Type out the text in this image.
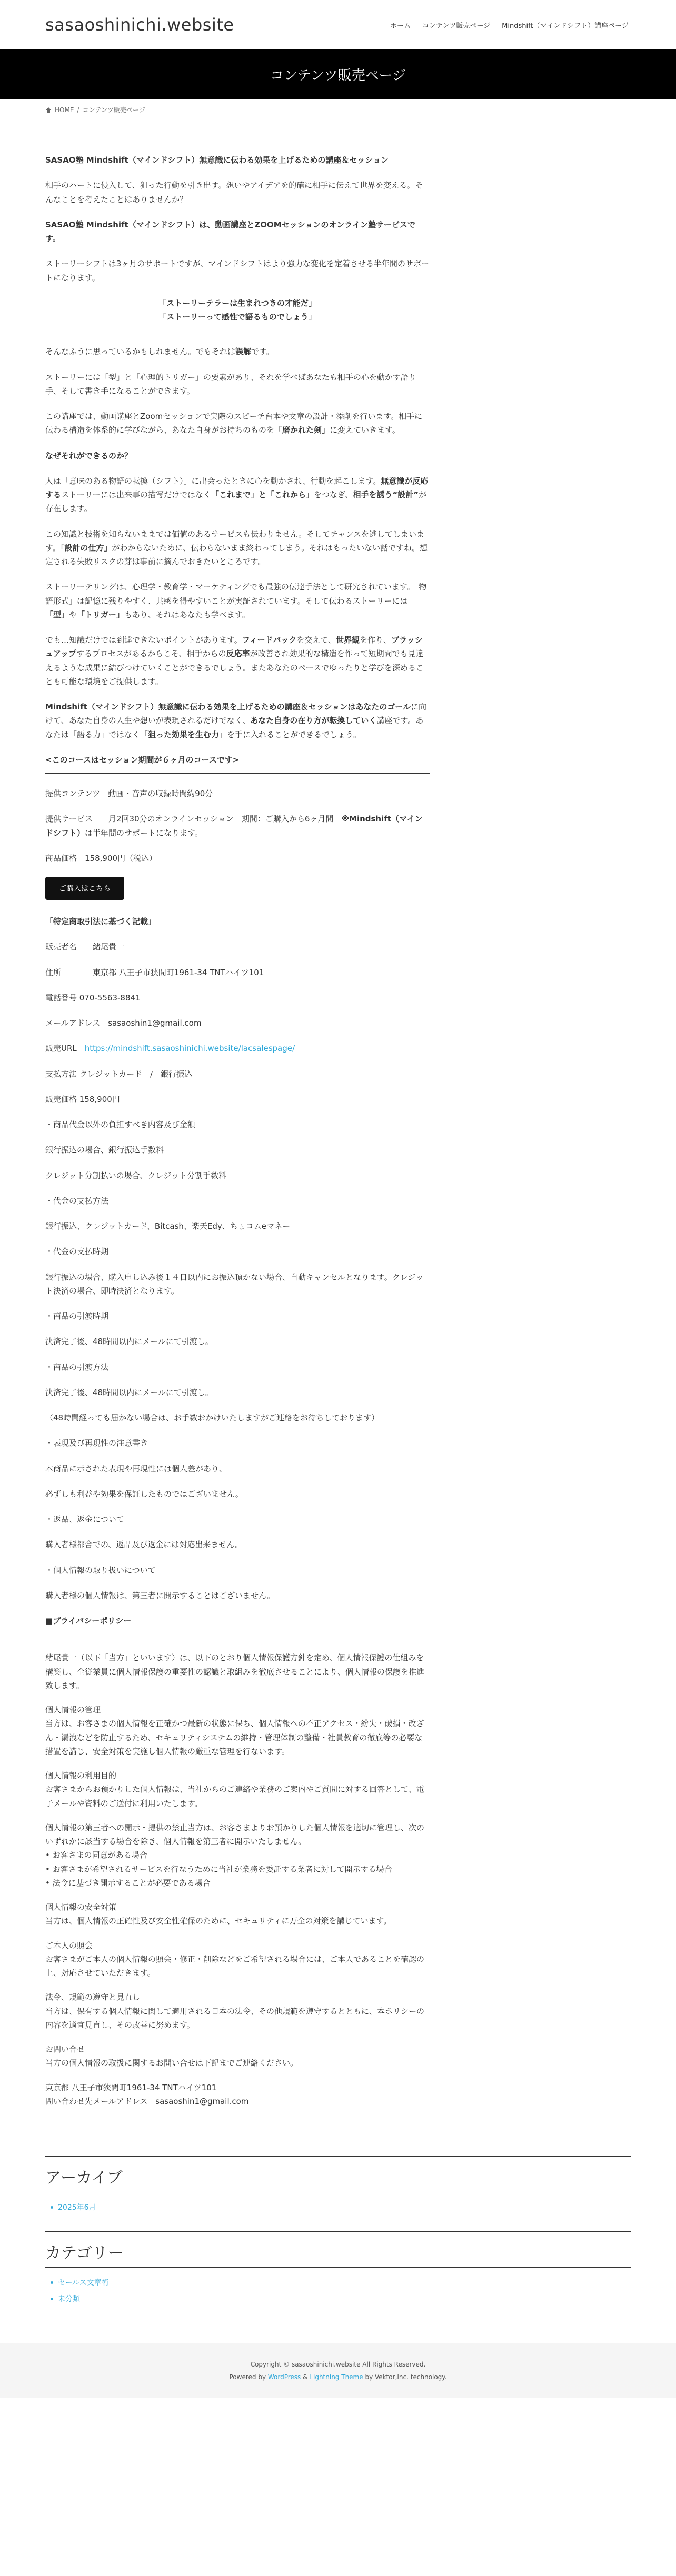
sasaoshinichi.website	ホーム	コンテンツ販売ページ	Mindshift（マインドシフト）講座ページ
コンテンツ販売ページ
HOME / コンテンツ販売ページ

SASAO塾 Mindshift（マインドシフト）無意識に伝わる効果を上げるための講座＆セッション

相手のハートに侵入して、狙った行動を引き出す。想いやアイデアを的確に相手に伝えて世界を変える。そんなことを考えたことはありませんか？

SASAO塾 Mindshift（マインドシフト）は、動画講座とZOOMセッションのオンライン塾サービスです。

ストーリーシフトは3ヶ月のサポートですが、マインドシフトはより強力な変化を定着させる半年間のサポートになります。

「ストーリーテラーは生まれつきの才能だ」
「ストーリーって感性で語るものでしょう」

そんなふうに思っているかもしれません。でもそれは誤解です。

ストーリーには「型」と「心理的トリガー」の要素があり、それを学べばあなたも相手の心を動かす語り手、そして書き手になることができます。

この講座では、動画講座とZoomセッションで実際のスピーチ台本や文章の設計・添削を行います。相手に伝わる構造を体系的に学びながら、あなた自身がお持ちのものを「磨かれた剣」に変えていきます。

なぜそれができるのか？

人は「意味のある物語の転換（シフト）」に出会ったときに心を動かされ、行動を起こします。無意識が反応するストーリーには出来事の描写だけではなく「これまで」と「これから」をつなぎ、相手を誘う“設計”が存在します。

この知識と技術を知らないままでは価値のあるサービスも伝わりません。そしてチャンスを逃してしまいます。「設計の仕方」がわからないために、伝わらないまま終わってしまう。それはもったいない話ですね。想定される失敗リスクの芽は事前に摘んでおきたいところです。

ストーリーテリングは、心理学・教育学・マーケティングでも最強の伝達手法として研究されています。「物語形式」は記憶に残りやすく、共感を得やすいことが実証されています。そして伝わるストーリーには「型」や「トリガー」もあり、それはあなたも学べます。

でも…知識だけでは到達できないポイントがあります。フィードバックを交えて、世界観を作り、ブラッシュアップするプロセスがあるからこそ、相手からの反応率が改善され効果的な構造を作って短期間でも見違えるような成果に結びつけていくことができるでしょう。またあなたのペースでゆったりと学びを深めることも可能な環境をご提供します。

Mindshift（マインドシフト）無意識に伝わる効果を上げるための講座＆セッションはあなたのゴールに向けて、あなた自身の人生や想いが表現されるだけでなく、あなた自身の在り方が転換していく講座です。あなたは「語る力」ではなく「狙った効果を生む力」を手に入れることができるでしょう。

<このコースはセッション期間が６ヶ月のコースです>

提供コンテンツ　動画・音声の収録時間約90分

提供サービス　　月2回30分のオンラインセッション　期間：ご購入から6ヶ月間　※Mindshift（マインドシフト）は半年間のサポートになります。

商品価格　158,900円（税込）

ご購入はこちら

「特定商取引法に基づく記載」

販売者名　　緒尾貴一

住所　　　　東京都 八王子市狭間町1961-34 TNTハイツ101

電話番号 070-5563-8841

メールアドレス　sasaoshin1@gmail.com

販売URL　https://mindshift.sasaoshinichi.website/lacsalespage/

支払方法 クレジットカード　/　銀行振込

販売価格 158,900円

・商品代金以外の負担すべき内容及び金額

銀行振込の場合、銀行振込手数料

クレジット分割払いの場合、クレジット分割手数料

・代金の支払方法

銀行振込、クレジットカード、Bitcash、楽天Edy、ちょコムeマネー

・代金の支払時期

銀行振込の場合、購入申し込み後１４日以内にお振込頂かない場合、自動キャンセルとなります。クレジット決済の場合、即時決済となります。

・商品の引渡時期

決済完了後、48時間以内にメールにて引渡し。

・商品の引渡方法

決済完了後、48時間以内にメールにて引渡し。

（48時間経っても届かない場合は、お手数おかけいたしますがご連絡をお待ちしております）

・表現及び再現性の注意書き

本商品に示された表現や再現性には個人差があり、

必ずしも利益や効果を保証したものではございません。

・返品、返金について

購入者様都合での、返品及び返金には対応出来ません。

・個人情報の取り扱いについて

購入者様の個人情報は、第三者に開示することはございません。

■プライバシーポリシー

緒尾貴一（以下「当方」といいます）は、以下のとおり個人情報保護方針を定め、個人情報保護の仕組みを構築し、全従業員に個人情報保護の重要性の認識と取組みを徹底させることにより、個人情報の保護を推進致します。
個人情報の管理
当方は、お客さまの個人情報を正確かつ最新の状態に保ち、個人情報への不正アクセス・紛失・破損・改ざん・漏洩などを防止するため、セキュリティシステムの維持・管理体制の整備・社員教育の徹底等の必要な措置を講じ、安全対策を実施し個人情報の厳重な管理を行ないます。
個人情報の利用目的
お客さまからお預かりした個人情報は、当社からのご連絡や業務のご案内やご質問に対する回答として、電子メールや資料のご送付に利用いたします。
個人情報の第三者への開示・提供の禁止当方は、お客さまよりお預かりした個人情報を適切に管理し、次のいずれかに該当する場合を除き、個人情報を第三者に開示いたしません。
• お客さまの同意がある場合
• お客さまが希望されるサービスを行なうために当社が業務を委託する業者に対して開示する場合
• 法令に基づき開示することが必要である場合
個人情報の安全対策
当方は、個人情報の正確性及び安全性確保のために、セキュリティに万全の対策を講じています。
ご本人の照会
お客さまがご本人の個人情報の照会・修正・削除などをご希望される場合には、ご本人であることを確認の上、対応させていただきます。
法令、規範の遵守と見直し
当方は、保有する個人情報に関して適用される日本の法令、その他規範を遵守するとともに、本ポリシーの内容を適宜見直し、その改善に努めます。
お問い合せ
当方の個人情報の取扱に関するお問い合せは下記までご連絡ください。
東京都 八王子市狭間町1961-34 TNTハイツ101
問い合わせ先メールアドレス　sasaoshin1@gmail.com
アーカイブ
2025年6月
カテゴリー
セールス文章術
未分類
Copyright © sasaoshinichi.website All Rights Reserved.
Powered by WordPress & Lightning Theme by Vektor,Inc. technology.
